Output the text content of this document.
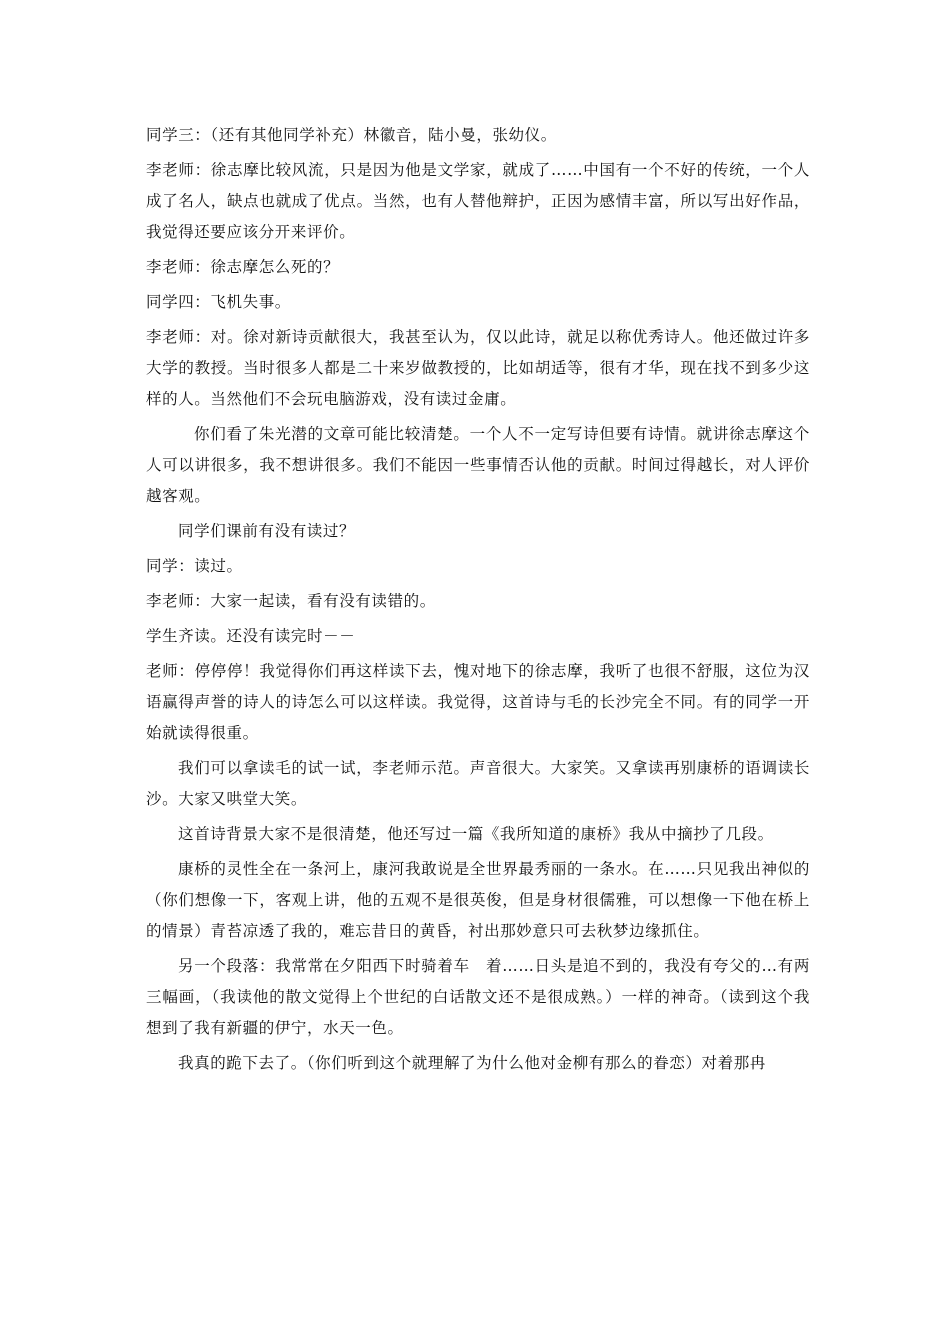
同学三：（还有其他同学补充）林徽音，陆小曼，张幼仪。

李老师：徐志摩比较风流，只是因为他是文学家，就成了……中国有一个不好的传统，一个人成了名人，缺点也就成了优点。当然，也有人替他辩护，正因为感情丰富，所以写出好作品，我觉得还要应该分开来评价。

李老师：徐志摩怎么死的？

同学四：飞机失事。

李老师：对。徐对新诗贡献很大，我甚至认为，仅以此诗，就足以称优秀诗人。他还做过许多大学的教授。当时很多人都是二十来岁做教授的，比如胡适等，很有才华，现在找不到多少这样的人。当然他们不会玩电脑游戏，没有读过金庸。

你们看了朱光潜的文章可能比较清楚。一个人不一定写诗但要有诗情。就讲徐志摩这个人可以讲很多，我不想讲很多。我们不能因一些事情否认他的贡献。时间过得越长，对人评价越客观。

同学们课前有没有读过？

同学：读过。

李老师：大家一起读，看有没有读错的。

学生齐读。还没有读完时－－

老师：停停停！我觉得你们再这样读下去，愧对地下的徐志摩，我听了也很不舒服，这位为汉语赢得声誉的诗人的诗怎么可以这样读。我觉得，这首诗与毛的长沙完全不同。有的同学一开始就读得很重。

我们可以拿读毛的试一试，李老师示范。声音很大。大家笑。又拿读再别康桥的语调读长沙。大家又哄堂大笑。

这首诗背景大家不是很清楚，他还写过一篇《我所知道的康桥》我从中摘抄了几段。

康桥的灵性全在一条河上，康河我敢说是全世界最秀丽的一条水。在……只见我出神似的（你们想像一下，客观上讲，他的五观不是很英俊，但是身材很儒雅，可以想像一下他在桥上的情景）青苔凉透了我的，难忘昔日的黄昏，衬出那妙意只可去秋梦边缘抓住。

另一个段落：我常常在夕阳西下时骑着车　着……日头是追不到的，我没有夸父的…有两三幅画，（我读他的散文觉得上个世纪的白话散文还不是很成熟。）一样的神奇。（读到这个我想到了我有新疆的伊宁，水天一色。

我真的跪下去了。（你们听到这个就理解了为什么他对金柳有那么的眷恋）对着那冉
